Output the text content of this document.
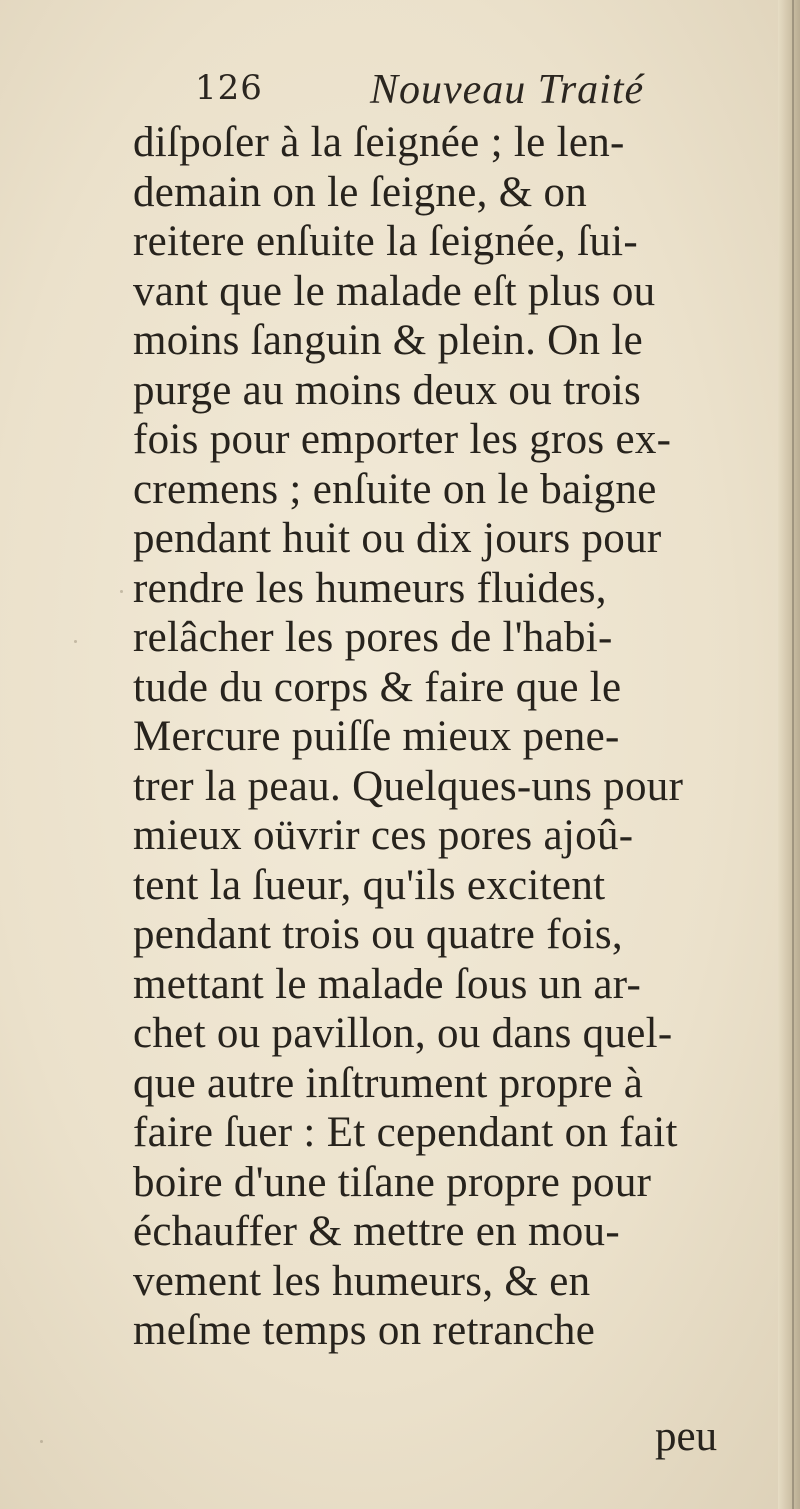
126	Nouveau Traité
diſpoſer à la ſeignée ; le len-
demain on le ſeigne, & on
reitere enſuite la ſeignée, ſui-
vant que le malade eſt plus ou
moins ſanguin & plein. On le
purge au moins deux ou trois
fois pour emporter les gros ex-
cremens ; enſuite on le baigne
pendant huit ou dix jours pour
rendre les humeurs fluides,
relâcher les pores de l'habi-
tude du corps & faire que le
Mercure puiſſe mieux pene-
trer la peau. Quelques-uns pour
mieux oüvrir ces pores ajoû-
tent la ſueur, qu'ils excitent
pendant trois ou quatre fois,
mettant le malade ſous un ar-
chet ou pavillon, ou dans quel-
que autre inſtrument propre à
faire ſuer : Et cependant on fait
boire d'une tiſane propre pour
échauffer & mettre en mou-
vement les humeurs, & en
meſme temps on retranche
peu
